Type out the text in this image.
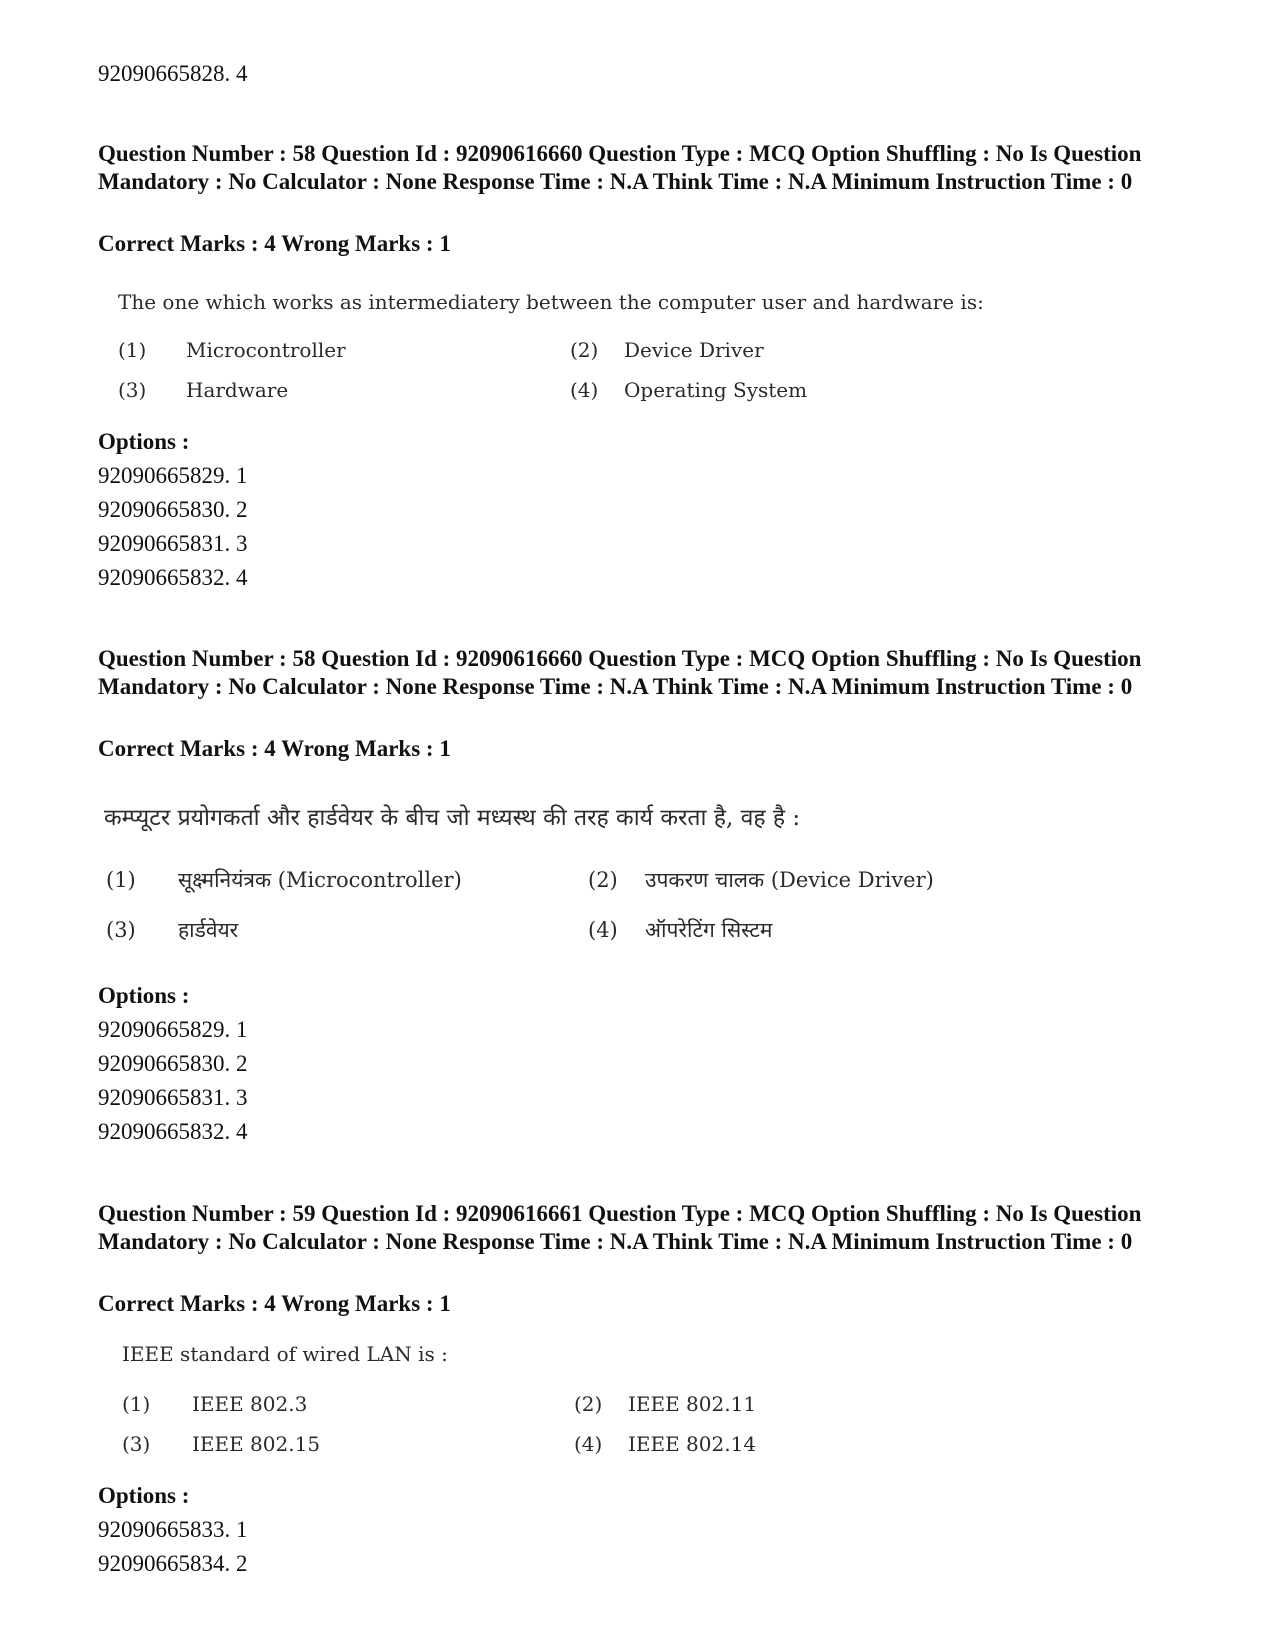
92090665828. 4
Question Number : 58 Question Id : 92090616660 Question Type : MCQ Option Shuffling : No Is Question Mandatory : No Calculator : None Response Time : N.A Think Time : N.A Minimum Instruction Time : 0
Correct Marks : 4 Wrong Marks : 1
The one which works as intermediatery between the computer user and hardware is:
(1) Microcontroller	(2) Device Driver
(3) Hardware	(4) Operating System
Options :
92090665829. 1
92090665830. 2
92090665831. 3
92090665832. 4
Question Number : 58 Question Id : 92090616660 Question Type : MCQ Option Shuffling : No Is Question Mandatory : No Calculator : None Response Time : N.A Think Time : N.A Minimum Instruction Time : 0
Correct Marks : 4 Wrong Marks : 1
कम्प्यूटर प्रयोगकर्ता और हार्डवेयर के बीच जो मध्यस्थ की तरह कार्य करता है, वह है :
(1) सूक्ष्मनियंत्रक (Microcontroller)	(2) उपकरण चालक (Device Driver)
(3) हार्डवेयर	(4) ऑपरेटिंग सिस्टम
Options :
92090665829. 1
92090665830. 2
92090665831. 3
92090665832. 4
Question Number : 59 Question Id : 92090616661 Question Type : MCQ Option Shuffling : No Is Question Mandatory : No Calculator : None Response Time : N.A Think Time : N.A Minimum Instruction Time : 0
Correct Marks : 4 Wrong Marks : 1
IEEE standard of wired LAN is :
(1) IEEE 802.3	(2) IEEE 802.11
(3) IEEE 802.15	(4) IEEE 802.14
Options :
92090665833. 1
92090665834. 2
